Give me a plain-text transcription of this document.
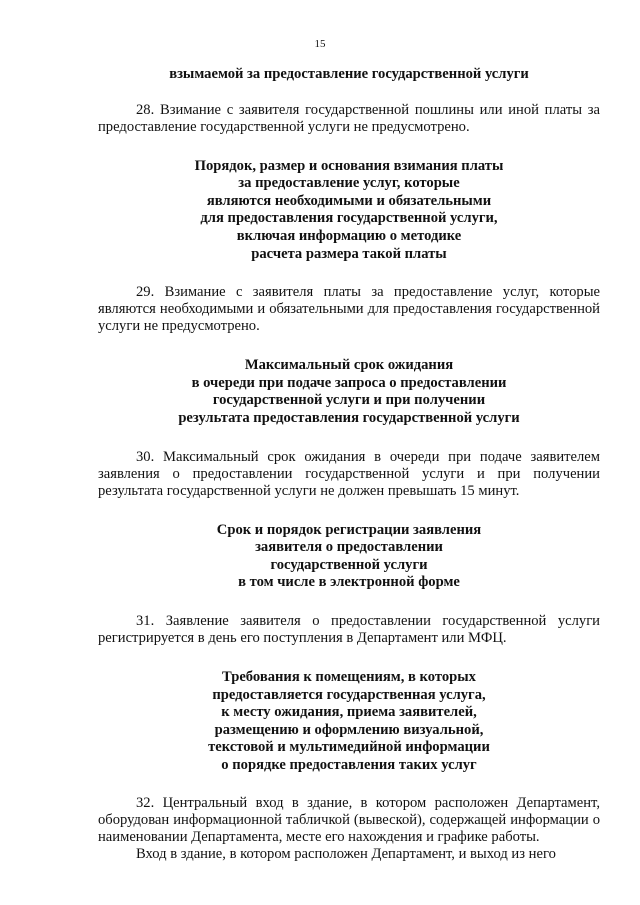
15

взымаемой за предоставление государственной услуги

28. Взимание с заявителя государственной пошлины или иной платы за предоставление государственной услуги не предусмотрено.

Порядок, размер и основания взимания платы
за предоставление услуг, которые
являются необходимыми и обязательными
для предоставления государственной услуги,
включая информацию о методике
расчета размера такой платы

29. Взимание с заявителя платы за предоставление услуг, которые являются необходимыми и обязательными для предоставления государственной услуги не предусмотрено.

Максимальный срок ожидания
в очереди при подаче запроса о предоставлении
государственной услуги и при получении
результата предоставления государственной услуги

30. Максимальный срок ожидания в очереди при подаче заявителем заявления о предоставлении государственной услуги и при получении результата государственной услуги не должен превышать 15 минут.

Срок и порядок регистрации заявления
заявителя о предоставлении
государственной услуги
в том числе в электронной форме

31. Заявление заявителя о предоставлении государственной услуги регистрируется в день его поступления в Департамент или МФЦ.

Требования к помещениям, в которых
предоставляется государственная услуга,
к месту ожидания, приема заявителей,
размещению и оформлению визуальной,
текстовой и мультимедийной информации
о порядке предоставления таких услуг

32. Центральный вход в здание, в котором расположен Департамент, оборудован информационной табличкой (вывеской), содержащей информации о наименовании Департамента, месте его нахождения и графике работы.

Вход в здание, в котором расположен Департамент, и выход из него
